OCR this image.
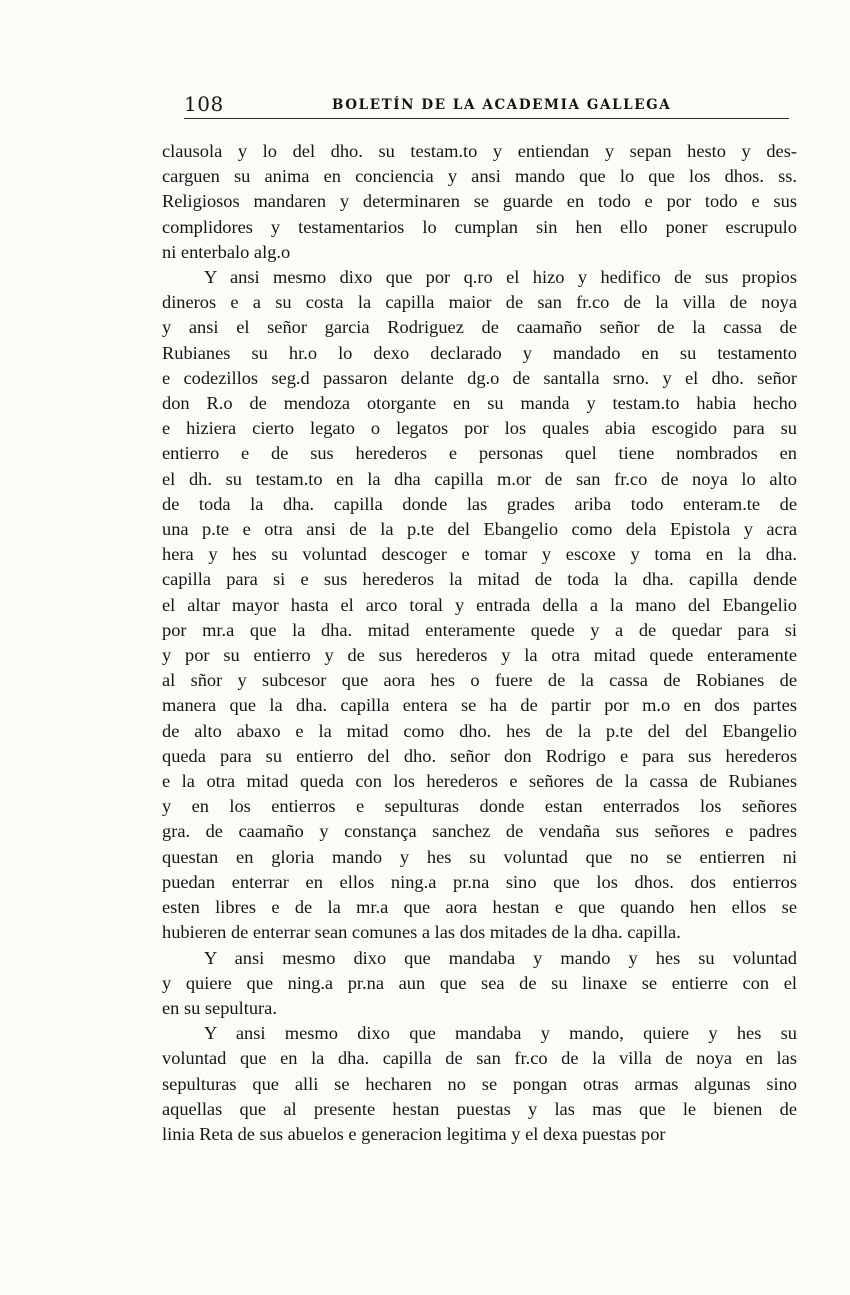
108	BOLETÍN DE LA ACADEMIA GALLEGA
clausola y lo del dho. su testam.to y entiendan y sepan hesto y des-
carguen su anima en conciencia y ansi mando que lo que los dhos. ss.
Religiosos mandaren y determinaren se guarde en todo e por todo e sus
complidores y testamentarios lo cumplan sin hen ello poner escrupulo
ni enterbalo alg.o
Y ansi mesmo dixo que por q.ro el hizo y hedifico de sus propios
dineros e a su costa la capilla maior de san fr.co de la villa de noya
y ansi el señor garcia Rodriguez de caamaño señor de la cassa de
Rubianes su hr.o lo dexo declarado y mandado en su testamento
e codezillos seg.d passaron delante dg.o de santalla srno. y el dho. señor
don R.o de mendoza otorgante en su manda y testam.to habia hecho
e hiziera cierto legato o legatos por los quales abia escogido para su
entierro e de sus herederos e personas quel tiene nombrados en
el dh. su testam.to en la dha capilla m.or de san fr.co de noya lo alto
de toda la dha. capilla donde las grades ariba todo enteram.te de
una p.te e otra ansi de la p.te del Ebangelio como dela Epistola y acra
hera y hes su voluntad descoger e tomar y escoxe y toma en la dha.
capilla para si e sus herederos la mitad de toda la dha. capilla dende
el altar mayor hasta el arco toral y entrada della a la mano del Ebangelio
por mr.a que la dha. mitad enteramente quede y a de quedar para si
y por su entierro y de sus herederos y la otra mitad quede enteramente
al sñor y subcesor que aora hes o fuere de la cassa de Robianes de
manera que la dha. capilla entera se ha de partir por m.o en dos partes
de alto abaxo e la mitad como dho. hes de la p.te del del Ebangelio
queda para su entierro del dho. señor don Rodrigo e para sus herederos
e la otra mitad queda con los herederos e señores de la cassa de Rubianes
y en los entierros e sepulturas donde estan enterrados los señores
gra. de caamaño y constança sanchez de vendaña sus señores e padres
questan en gloria mando y hes su voluntad que no se entierren ni
puedan enterrar en ellos ning.a pr.na sino que los dhos. dos entierros
esten libres e de la mr.a que aora hestan e que quando hen ellos se
hubieren de enterrar sean comunes a las dos mitades de la dha. capilla.
Y ansi mesmo dixo que mandaba y mando y hes su voluntad
y quiere que ning.a pr.na aun que sea de su linaxe se entierre con el
en su sepultura.
Y ansi mesmo dixo que mandaba y mando, quiere y hes su
voluntad que en la dha. capilla de san fr.co de la villa de noya en las
sepulturas que alli se hecharen no se pongan otras armas algunas sino
aquellas que al presente hestan puestas y las mas que le bienen de
linia Reta de sus abuelos e generacion legitima y el dexa puestas por
